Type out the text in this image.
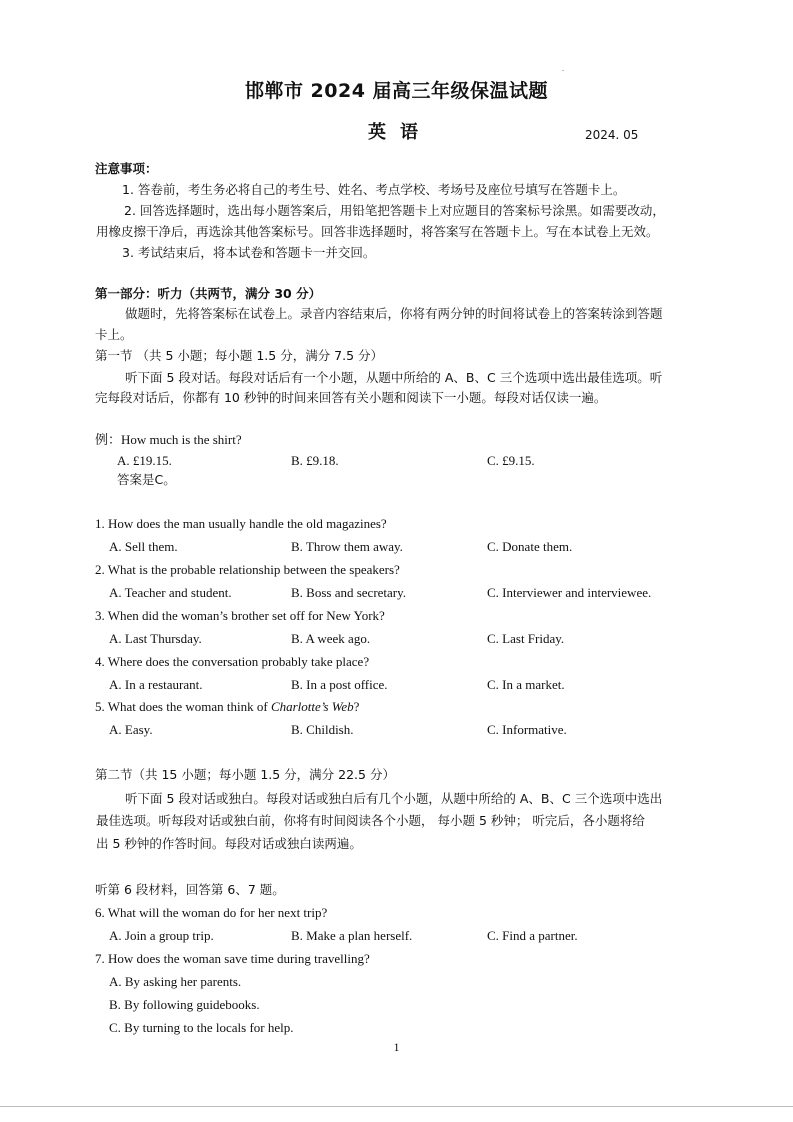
.
邯郸市 2024 届高三年级保温试题
英语	2024. 05
注意事项：
1. 答卷前，考生务必将自己的考生号、姓名、考点学校、考场号及座位号填写在答题卡上。
2. 回答选择题时，选出每小题答案后，用铅笔把答题卡上对应题目的答案标号涂黑。如需要改动，
用橡皮擦干净后，再选涂其他答案标号。回答非选择题时，将答案写在答题卡上。写在本试卷上无效。
3. 考试结束后，将本试卷和答题卡一并交回。
第一部分：听力（共两节，满分 30 分）
做题时，先将答案标在试卷上。录音内容结束后，你将有两分钟的时间将试卷上的答案转涂到答题
卡上。
第一节 （共 5 小题；每小题 1.5 分，满分 7.5 分）
听下面 5 段对话。每段对话后有一个小题，从题中所给的 A、B、C 三个选项中选出最佳选项。听
完每段对话后，你都有 10 秒钟的时间来回答有关小题和阅读下一小题。每段对话仅读一遍。
例：How much is the shirt?
A. £19.15.	B. £9.18.	C. £9.15.
答案是C。
1. How does the man usually handle the old magazines?
A. Sell them.	B. Throw them away.	C. Donate them.
2. What is the probable relationship between the speakers?
A. Teacher and student.	B. Boss and secretary.	C. Interviewer and interviewee.
3. When did the woman’s brother set off for New York?
A. Last Thursday.	B. A week ago.	C. Last Friday.
4. Where does the conversation probably take place?
A. In a restaurant.	B. In a post office.	C. In a market.
5. What does the woman think of Charlotte’s Web?
A. Easy.	B. Childish.	C. Informative.
第二节（共 15 小题；每小题 1.5 分，满分 22.5 分）
听下面 5 段对话或独白。每段对话或独白后有几个小题，从题中所给的 A、B、C 三个选项中选出
最佳选项。听每段对话或独白前，你将有时间阅读各个小题， 每小题 5 秒钟； 听完后，各小题将给
出 5 秒钟的作答时间。每段对话或独白读两遍。
听第 6 段材料，回答第 6、7 题。
6. What will the woman do for her next trip?
A. Join a group trip.	B. Make a plan herself.	C. Find a partner.
7. How does the woman save time during travelling?
A. By asking her parents.
B. By following guidebooks.
C. By turning to the locals for help.
1
